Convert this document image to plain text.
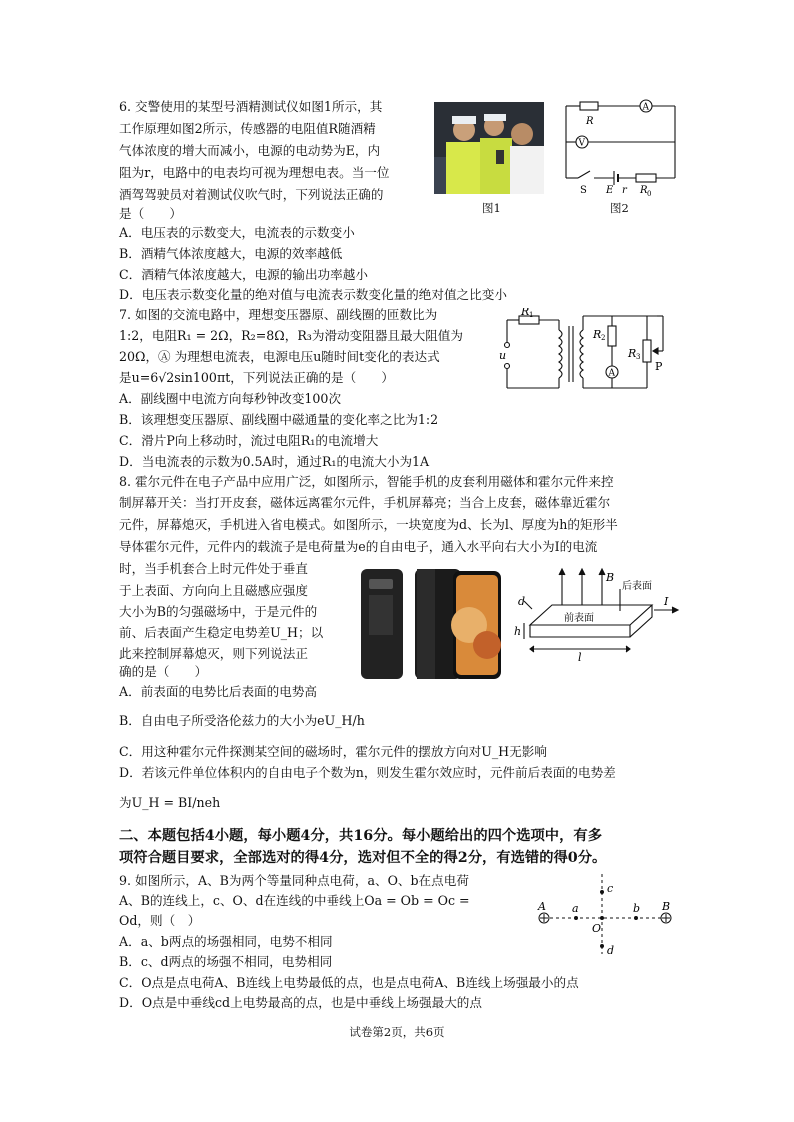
6. 交警使用的某型号酒精测试仪如图1所示，其
工作原理如图2所示，传感器的电阻值R随酒精
气体浓度的增大而减小，电源的电动势为E，内
阻为r，电路中的电表均可视为理想电表。当一位
酒驾驾驶员对着测试仪吹气时，下列说法正确的
是（　　）
A．电压表的示数变大，电流表的示数变小
B．酒精气体浓度越大，电源的效率越低
C．酒精气体浓度越大，电源的输出功率越小
D．电压表示数变化量的绝对值与电流表示数变化量的绝对值之比变小
图1
R
A
V
S E r R 0
图2
7. 如图的交流电路中，理想变压器原、副线圈的匝数比为
1:2，电阻R₁ = 2Ω，R₂=8Ω，R₃为滑动变阻器且最大阻值为
20Ω，Ⓐ 为理想电流表，电源电压u随时间t变化的表达式
是u=6√2sin100πt，下列说法正确的是（　　）
A．副线圈中电流方向每秒钟改变100次
B．该理想变压器原、副线圈中磁通量的变化率之比为1:2
C．滑片P向上移动时，流过电阻R₁的电流增大
D．当电流表的示数为0.5A时，通过R₁的电流大小为1A
R 1
R 2
R 3
u
A
P
8. 霍尔元件在电子产品中应用广泛，如图所示，智能手机的皮套利用磁体和霍尔元件来控
制屏幕开关：当打开皮套，磁体远离霍尔元件，手机屏幕亮；当合上皮套，磁体靠近霍尔
元件，屏幕熄灭，手机进入省电模式。如图所示，一块宽度为d、长为l、厚度为h的矩形半
导体霍尔元件，元件内的载流子是电荷量为e的自由电子，通入水平向右大小为I的电流
时，当手机套合上时元件处于垂直
于上表面、方向向上且磁感应强度
大小为B的匀强磁场中，于是元件的
前、后表面产生稳定电势差U_H；以
此来控制屏幕熄灭，则下列说法正
确的是（　　）
A．前表面的电势比后表面的电势高
B．自由电子所受洛伦兹力的大小为eU_H/h
C．用这种霍尔元件探测某空间的磁场时，霍尔元件的摆放方向对U_H无影响
D．若该元件单位体积内的自由电子个数为n，则发生霍尔效应时，元件前后表面的电势差
为U_H = BI/neh
B
后表面
前表面
d
h
l
I
二、本题包括4小题，每小题4分，共16分。每小题给出的四个选项中，有多
项符合题目要求，全部选对的得4分，选对但不全的得2分，有选错的得0分。
9. 如图所示，A、B为两个等量同种点电荷，a、O、b在点电荷
A、B的连线上，c、O、d在连线的中垂线上Oa = Ob = Oc =
Od，则（　）
A．a、b两点的场强相同，电势不相同
B．c、d两点的场强不相同，电势相同
C．O点是点电荷A、B连线上电势最低的点，也是点电荷A、B连线上场强最小的点
D．O点是中垂线cd上电势最高的点，也是中垂线上场强最大的点
A	B
a	b
O
c
d
试卷第2页，共6页
